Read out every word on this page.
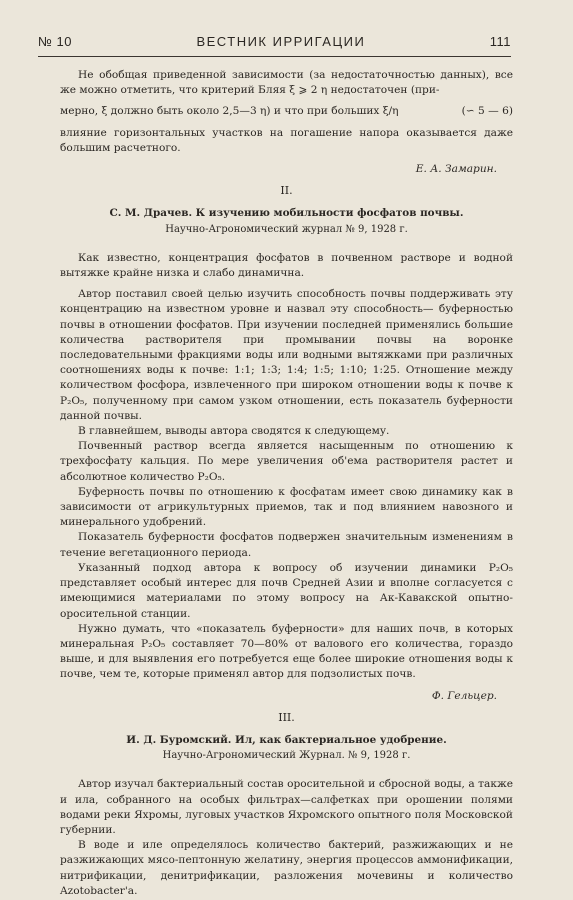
№ 10	ВЕСТНИК ИРРИГАЦИИ	111

Не обобщая приведенной зависимости (за недостаточностью данных), все же можно отметить, что критерий Бляя ξ ⩾ 2 η недостаточен (при-

мерно, ξ должно быть около 2,5—3 η) и что при больших ξ/η	(∽ 5 — 6)

влияние горизонтальных участков на погашение напора оказывается даже большим расчетного.

Е. А. Замарин.
II.
С. М. Драчев. К изучению мобильности фосфатов почвы.
Научно-Агрономический журнал № 9, 1928 г.

Как известно, концентрация фосфатов в почвенном растворе и водной вытяжке крайне низка и слабо динамична.

Автор поставил своей целью изучить способность почвы поддерживать эту концентрацию на известном уровне и назвал эту способность— буферностью почвы в отношении фосфатов. При изучении последней применялись большие количества растворителя при промывании почвы на воронке последовательными фракциями воды или водными вытяжками при различных соотношениях воды к почве: 1:1; 1:3; 1:4; 1:5; 1:10; 1:25. Отношение между количеством фосфора, извлеченного при широком отношении воды к почве к P₂O₅, полученному при самом узком отношении, есть показатель буферности данной почвы.

В главнейшем, выводы автора сводятся к следующему.

Почвенный раствор всегда является насыщенным по отношению к трехфосфату кальция. По мере увеличения об'ема растворителя растет и абсолютное количество P₂O₅.

Буферность почвы по отношению к фосфатам имеет свою динамику как в зависимости от агрикультурных приемов, так и под влиянием навозного и минерального удобрений.

Показатель буферности фосфатов подвержен значительным изменениям в течение вегетационного периода.

Указанный подход автора к вопросу об изучении динамики P₂O₅ представляет особый интерес для почв Средней Азии и вполне согласуется с имеющимися материалами по этому вопросу на Ак-Кавакской опытно-оросительной станции.

Нужно думать, что «показатель буферности» для наших почв, в которых минеральная P₂O₅ составляет 70—80% от валового его количества, гораздо выше, и для выявления его потребуется еще более широкие отношения воды к почве, чем те, которые применял автор для подзолистых почв.

Ф. Гельцер.
III.
И. Д. Буромский. Ил, как бактериальное удобрение.
Научно-Агрономический Журнал. № 9, 1928 г.

Автор изучал бактериальный состав оросительной и сбросной воды, а также и ила, собранного на особых фильтрах—салфетках при орошении полями водами реки Яхромы, луговых участков Яхромского опытного поля Московской губернии.

В воде и иле определялось количество бактерий, разжижающих и не разжижающих мясо-пептонную желатину, энергия процессов аммонификации, нитрификации, денитрификации, разложения мочевины и количество Azotobacter'a.
